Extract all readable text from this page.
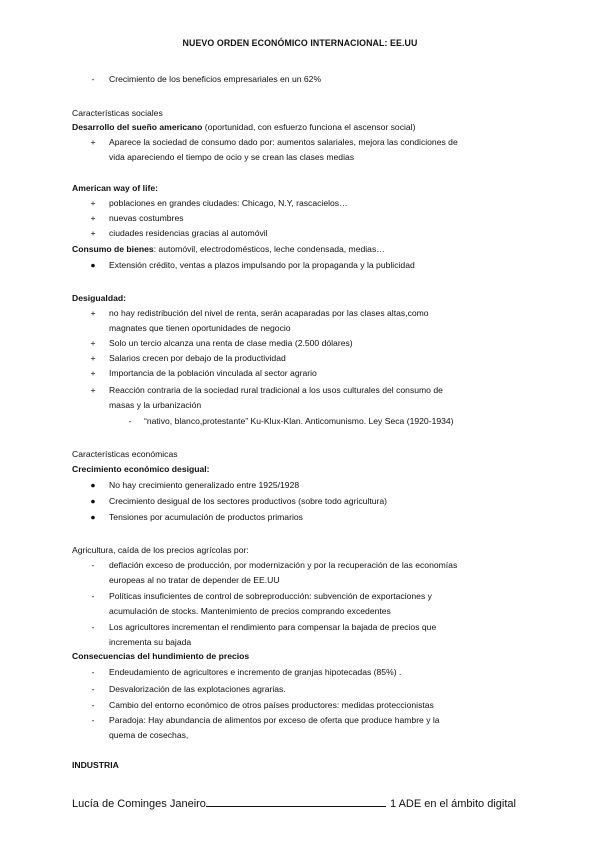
NUEVO ORDEN ECONÓMICO INTERNACIONAL: EE.UU
-	Crecimiento de los beneficios empresariales en un 62%
Características sociales
Desarrollo del sueño americano (oportunidad, con esfuerzo funciona el ascensor social)
+	Aparece la sociedad de consumo dado por: aumentos salariales, mejora las condiciones de
vida apareciendo el tiempo de ocio y se crean las clases medias
American way of life:
+	poblaciones en grandes ciudades: Chicago, N.Y, rascacielos…
+	nuevas costumbres
+	ciudades residencias gracias al automóvil
Consumo de bienes: automóvil, electrodomésticos, leche condensada, medias…
●	Extensión crédito, ventas a plazos impulsando por la propaganda y la publicidad
Desigualdad:
+	no hay redistribución del nivel de renta, serán acaparadas por las clases altas,como
magnates que tienen oportunidades de negocio
+	Solo un tercio alcanza una renta de clase media (2.500 dólares)
+	Salarios crecen por debajo de la productividad
+	Importancia de la población vinculada al sector agrario
+	Reacción contraria de la sociedad rural tradicional a los usos culturales del consumo de
masas y la urbanización
-	“nativo, blanco,protestante” Ku-Klux-Klan. Anticomunismo. Ley Seca (1920-1934)
Características económicas
Crecimiento económico desigual:
●	No hay crecimiento generalizado entre 1925/1928
●	Crecimiento desigual de los sectores productivos (sobre todo agricultura)
●	Tensiones por acumulación de productos primarios
Agricultura, caída de los precios agrícolas por:
-	deflación exceso de producción, por modernización y por la recuperación de las economías
europeas al no tratar de depender de EE.UU
-	Políticas insuficientes de control de sobreproducción: subvención de exportaciones y
acumulación de stocks. Mantenimiento de precios comprando excedentes
-	Los agricultores incrementan el rendimiento para compensar la bajada de precios que
incrementa su bajada
Consecuencias del hundimiento de precios
-	Endeudamiento de agricultores e incremento de granjas hipotecadas (85%) .
-	Desvalorización de las explotaciones agrarias.
-	Cambio del entorno económico de otros países productores: medidas proteccionistas
-	Paradoja: Hay abundancia de alimentos por exceso de oferta que produce hambre y la
quema de cosechas,
INDUSTRIA
Lucía de Cominges Janeiro	1 ADE en el ámbito digital
